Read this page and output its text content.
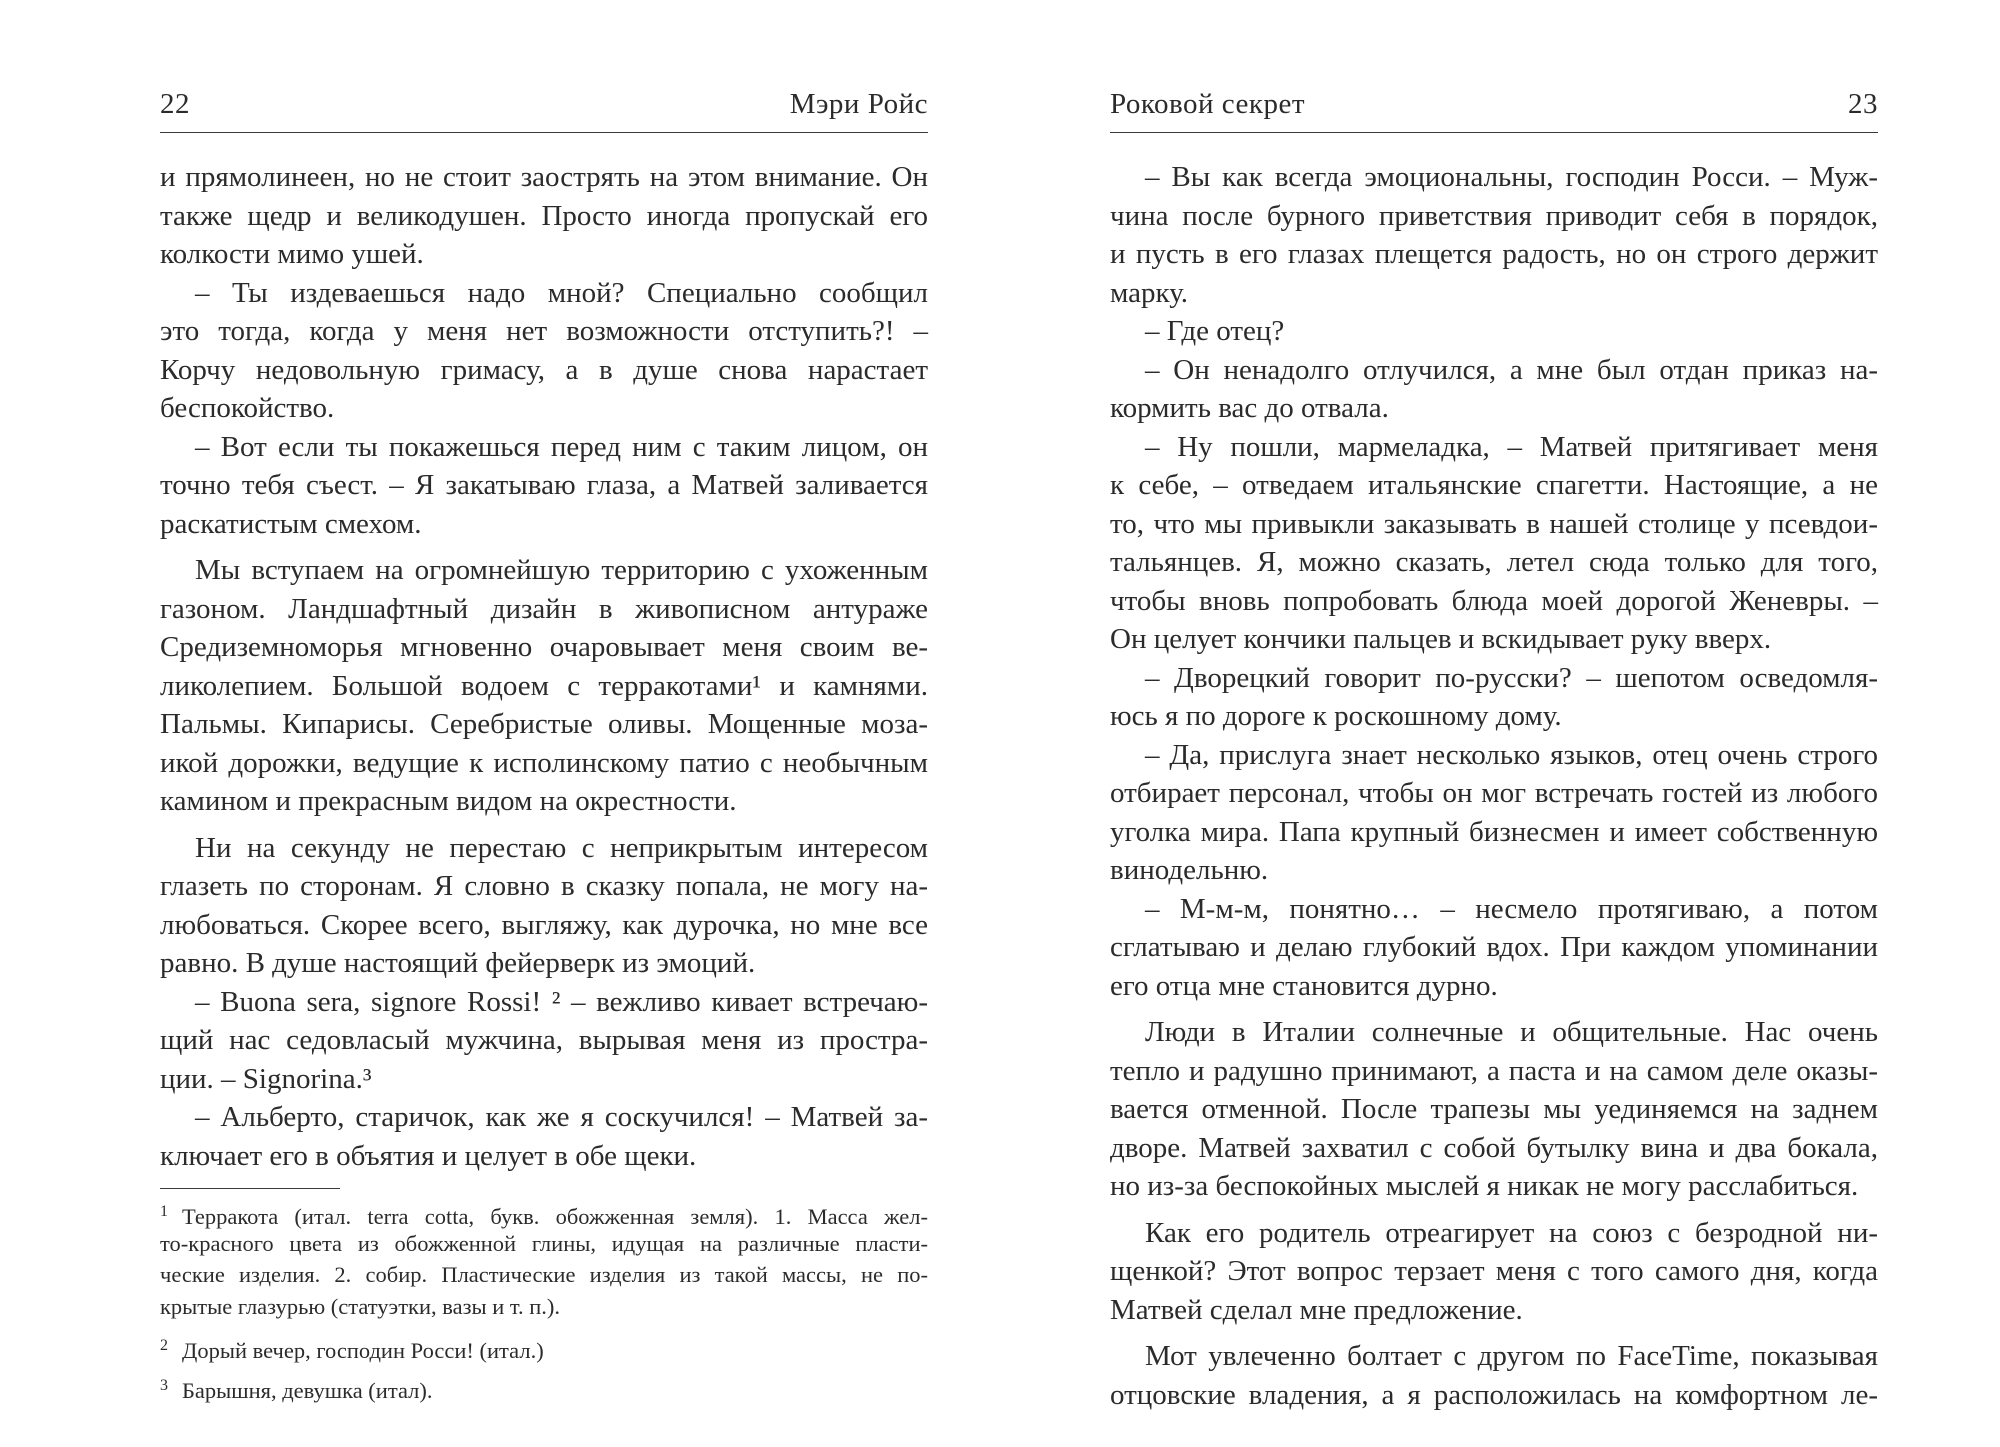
22	Мэри Ройс
и прямолинеен, но не стоит заострять на этом внимание. Он
также щедр и великодушен. Просто иногда пропускай его
колкости мимо ушей.
– Ты издеваешься надо мной? Специально сообщил
это тогда, когда у меня нет возможности отступить?! –
Корчу недовольную гримасу, а в душе снова нарастает
беспокойство.
– Вот если ты покажешься перед ним с таким лицом, он
точно тебя съест. – Я закатываю глаза, а Матвей заливается
раскатистым смехом.
Мы вступаем на огромнейшую территорию с ухоженным
газоном. Ландшафтный дизайн в живописном антураже
Средиземноморья мгновенно очаровывает меня своим ве-
ликолепием. Большой водоем с терракотами¹ и камнями.
Пальмы. Кипарисы. Серебристые оливы. Мощенные моза-
икой дорожки, ведущие к исполинскому патио с необычным
камином и прекрасным видом на окрестности.
Ни на секунду не перестаю с неприкрытым интересом
глазеть по сторонам. Я словно в сказку попала, не могу на-
любоваться. Скорее всего, выгляжу, как дурочка, но мне все
равно. В душе настоящий фейерверк из эмоций.
– Buona sera, signore Rossi! ² – вежливо кивает встречаю-
щий нас седовласый мужчина, вырывая меня из простра-
ции. – Signorina.³
– Альберто, старичок, как же я соскучился! – Матвей за-
ключает его в объятия и целует в обе щеки.
$^1$ Терракота (итал. terra cotta, букв. обожженная земля). 1. Масса жел-
то-красного цвета из обожженной глины, идущая на различные пласти-
ческие изделия. 2. собир. Пластические изделия из такой массы, не по-
крытые глазурью (статуэтки, вазы и т. п.).
$^2$ Дорый вечер, господин Росси! (итал.)
$^3$ Барышня, девушка (итал).
Роковой секрет	23
– Вы как всегда эмоциональны, господин Росси. – Муж-
чина после бурного приветствия приводит себя в порядок,
и пусть в его глазах плещется радость, но он строго держит
марку.
– Где отец?
– Он ненадолго отлучился, а мне был отдан приказ на-
кормить вас до отвала.
– Ну пошли, мармеладка, – Матвей притягивает меня
к себе, – отведаем итальянские спагетти. Настоящие, а не
то, что мы привыкли заказывать в нашей столице у псевдои-
тальянцев. Я, можно сказать, летел сюда только для того,
чтобы вновь попробовать блюда моей дорогой Женевры. –
Он целует кончики пальцев и вскидывает руку вверх.
– Дворецкий говорит по-русски? – шепотом осведомля-
юсь я по дороге к роскошному дому.
– Да, прислуга знает несколько языков, отец очень строго
отбирает персонал, чтобы он мог встречать гостей из любого
уголка мира. Папа крупный бизнесмен и имеет собственную
винодельню.
– М-м-м, понятно… – несмело протягиваю, а потом
сглатываю и делаю глубокий вдох. При каждом упоминании
его отца мне становится дурно.
Люди в Италии солнечные и общительные. Нас очень
тепло и радушно принимают, а паста и на самом деле оказы-
вается отменной. После трапезы мы уединяемся на заднем
дворе. Матвей захватил с собой бутылку вина и два бокала,
но из-за беспокойных мыслей я никак не могу расслабиться.
Как его родитель отреагирует на союз с безродной ни-
щенкой? Этот вопрос терзает меня с того самого дня, когда
Матвей сделал мне предложение.
Мот увлеченно болтает с другом по FaceTime, показывая
отцовские владения, а я расположилась на комфортном ле-
